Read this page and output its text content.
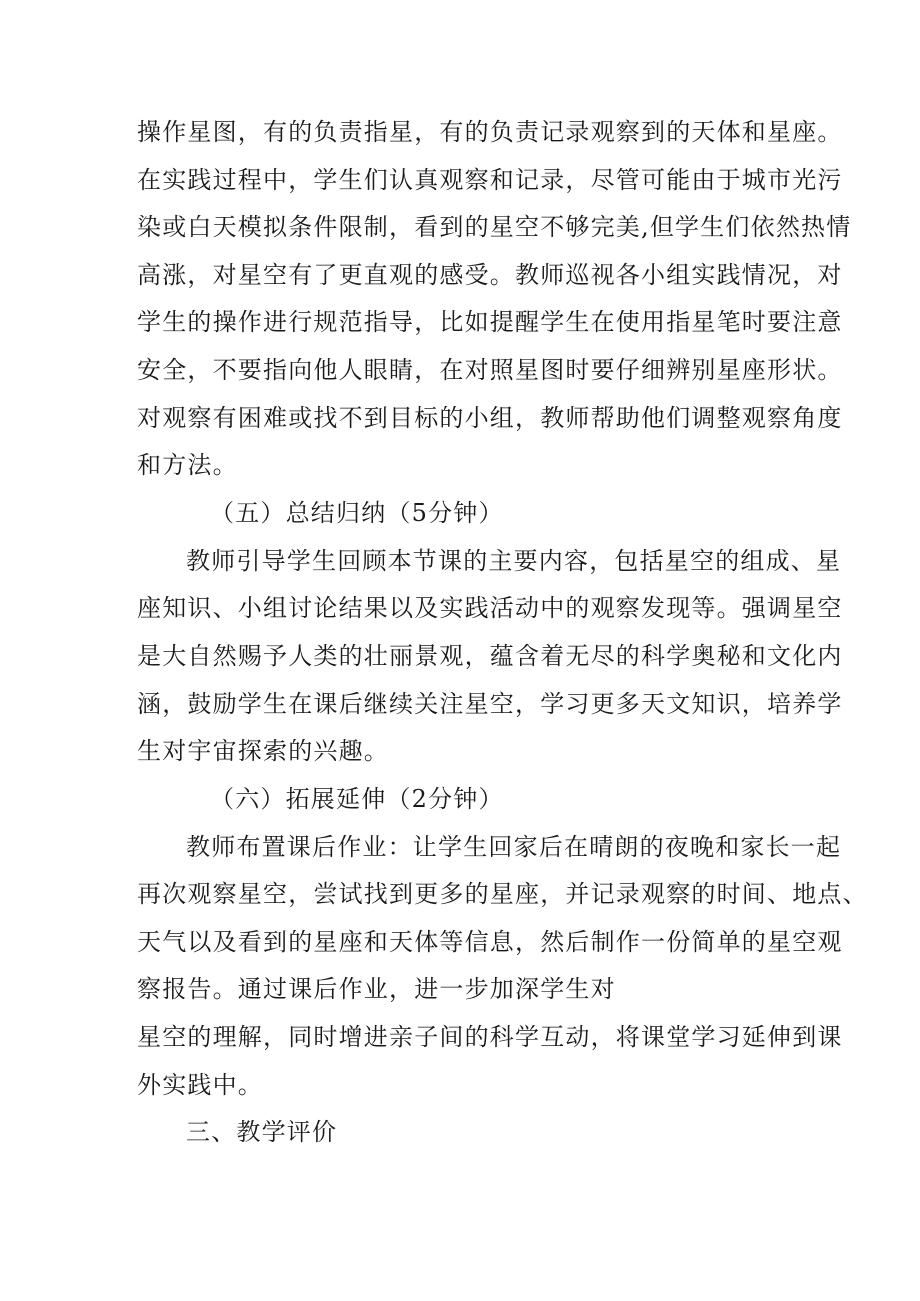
操作星图，有的负责指星，有的负责记录观察到的天体和星座。
在实践过程中，学生们认真观察和记录，尽管可能由于城市光污
染或白天模拟条件限制，看到的星空不够完美,但学生们依然热情
高涨，对星空有了更直观的感受。教师巡视各小组实践情况，对
学生的操作进行规范指导，比如提醒学生在使用指星笔时要注意
安全，不要指向他人眼睛，在对照星图时要仔细辨别星座形状。
对观察有困难或找不到目标的小组，教师帮助他们调整观察角度
和方法。
（五）总结归纳（5分钟）
教师引导学生回顾本节课的主要内容，包括星空的组成、星
座知识、小组讨论结果以及实践活动中的观察发现等。强调星空
是大自然赐予人类的壮丽景观，蕴含着无尽的科学奥秘和文化内
涵，鼓励学生在课后继续关注星空，学习更多天文知识，培养学
生对宇宙探索的兴趣。
（六）拓展延伸（2分钟）
教师布置课后作业：让学生回家后在晴朗的夜晚和家长一起
再次观察星空，尝试找到更多的星座，并记录观察的时间、地点、
天气以及看到的星座和天体等信息，然后制作一份简单的星空观
察报告。通过课后作业，进一步加深学生对
星空的理解，同时增进亲子间的科学互动，将课堂学习延伸到课
外实践中。
三、教学评价
